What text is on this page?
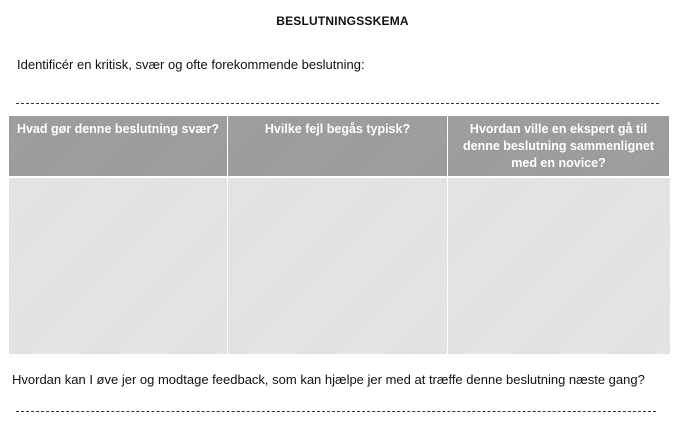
BESLUTNINGSSKEMA
Identificér en kritisk, svær og ofte forekommende beslutning:
Hvad gør denne beslutning svær?	Hvilke fejl begås typisk?	Hvordan ville en ekspert gå til denne beslutning sammenlignet med en novice?
Hvordan kan I øve jer og modtage feedback, som kan hjælpe jer med at træffe denne beslutning næste gang?
